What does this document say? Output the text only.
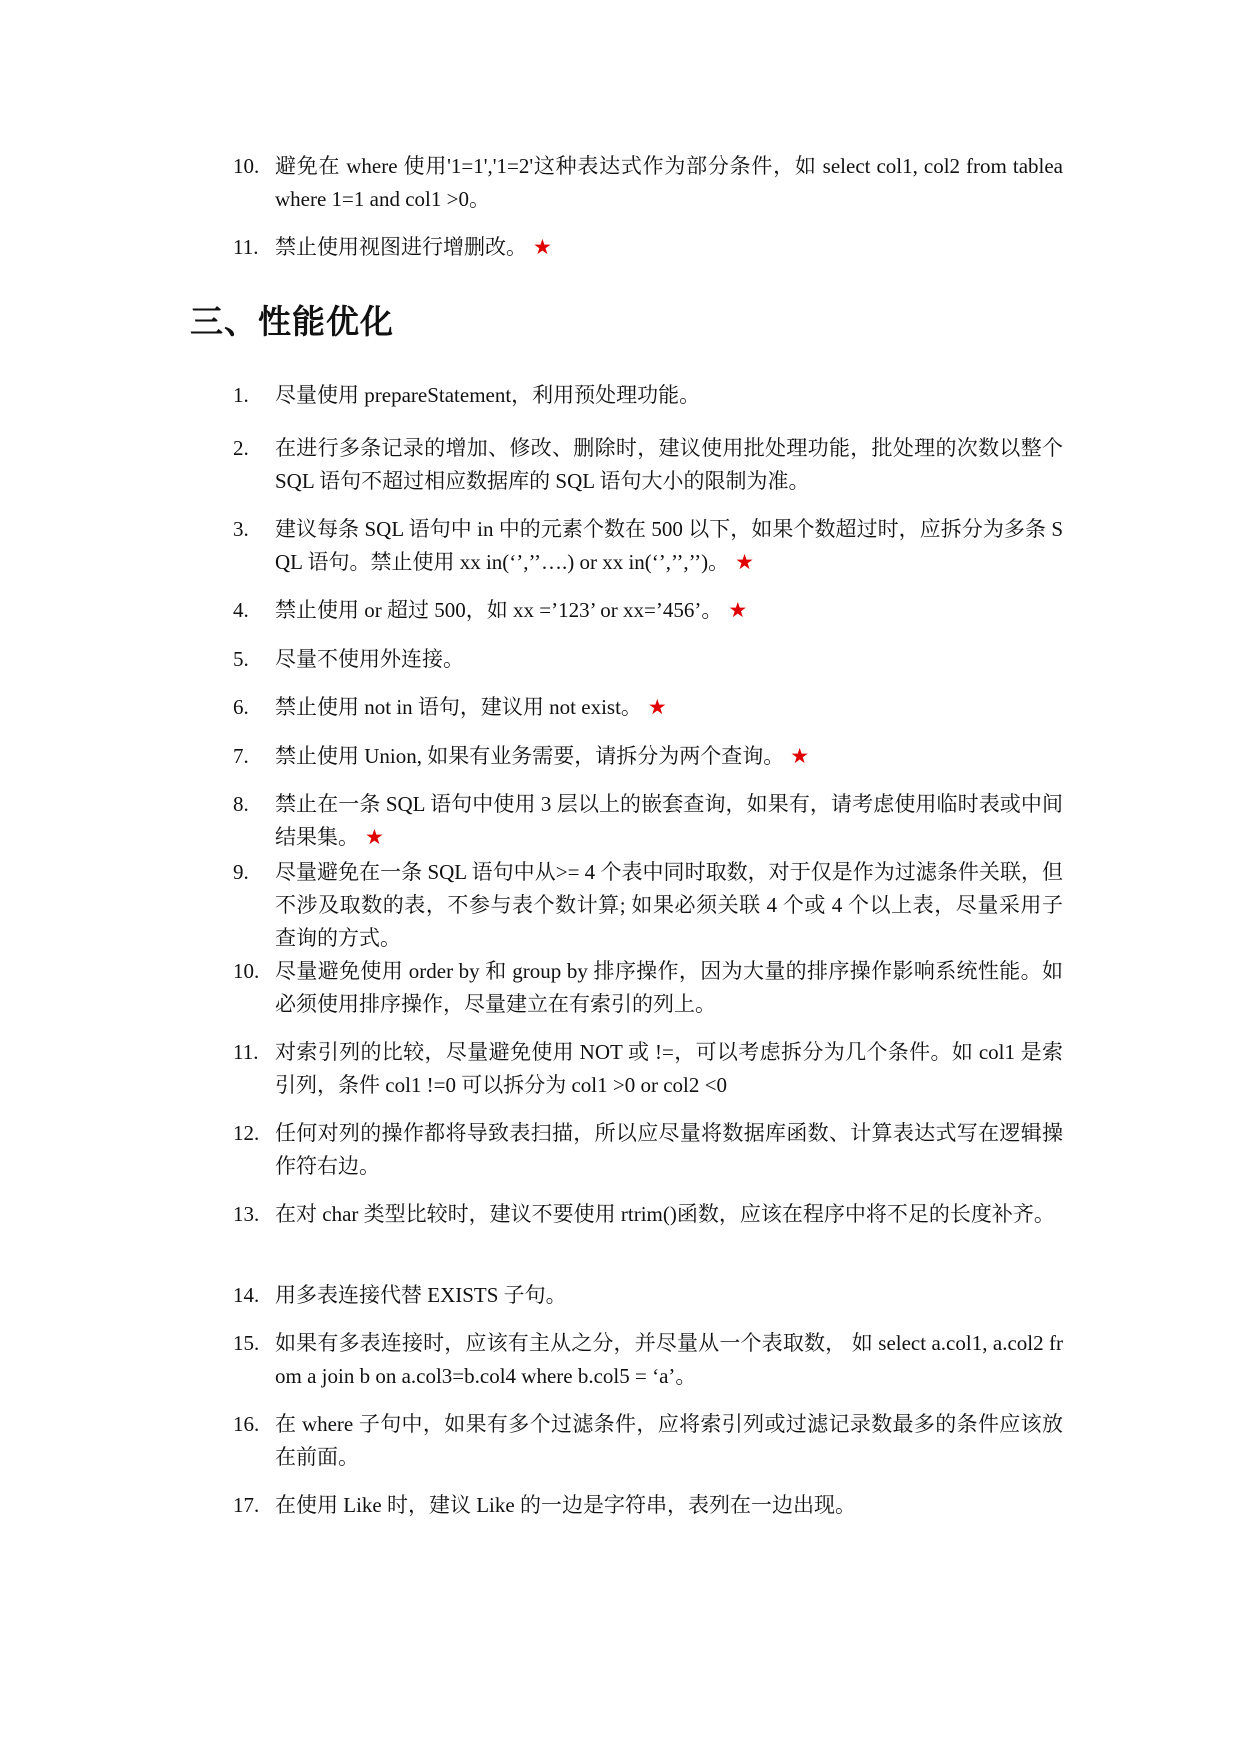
10. 避免在 where 使用'1=1','1=2'这种表达式作为部分条件，如 select col1, col2 from tablea where 1=1 and col1 >0。
11. 禁止使用视图进行增删改。 ★
三、性能优化
1.	尽量使用 prepareStatement，利用预处理功能。
2.	在进行多条记录的增加、修改、删除时，建议使用批处理功能，批处理的次数以整个 SQL 语句不超过相应数据库的 SQL 语句大小的限制为准。
3.	建议每条 SQL 语句中 in 中的元素个数在 500 以下，如果个数超过时，应拆分为多条 SQL 语句。禁止使用 xx in(‘’,’’….) or xx in(‘’,’’,’’)。 ★
4.	禁止使用 or 超过 500，如 xx =’123’ or xx=’456’。 ★
5.	尽量不使用外连接。
6.	禁止使用 not in 语句，建议用 not exist。 ★
7.	禁止使用 Union, 如果有业务需要，请拆分为两个查询。 ★
8.	禁止在一条 SQL 语句中使用 3 层以上的嵌套查询，如果有，请考虑使用临时表或中间结果集。 ★
9.	尽量避免在一条 SQL 语句中从>= 4 个表中同时取数，对于仅是作为过滤条件关联，但不涉及取数的表，不参与表个数计算; 如果必须关联 4 个或 4 个以上表，尽量采用子查询的方式。
10. 尽量避免使用 order by 和 group by 排序操作，因为大量的排序操作影响系统性能。如必须使用排序操作，尽量建立在有索引的列上。
11. 对索引列的比较，尽量避免使用 NOT 或 !=，可以考虑拆分为几个条件。如 col1 是索引列，条件 col1 !=0 可以拆分为 col1 >0 or col2 <0
12. 任何对列的操作都将导致表扫描，所以应尽量将数据库函数、计算表达式写在逻辑操作符右边。
13. 在对 char 类型比较时，建议不要使用 rtrim()函数，应该在程序中将不足的长度补齐。
14. 用多表连接代替 EXISTS 子句。
15. 如果有多表连接时，应该有主从之分，并尽量从一个表取数， 如 select a.col1, a.col2 from a join b on a.col3=b.col4 where b.col5 = ‘a’。
16. 在 where 子句中，如果有多个过滤条件，应将索引列或过滤记录数最多的条件应该放在前面。
17. 在使用 Like 时，建议 Like 的一边是字符串，表列在一边出现。
